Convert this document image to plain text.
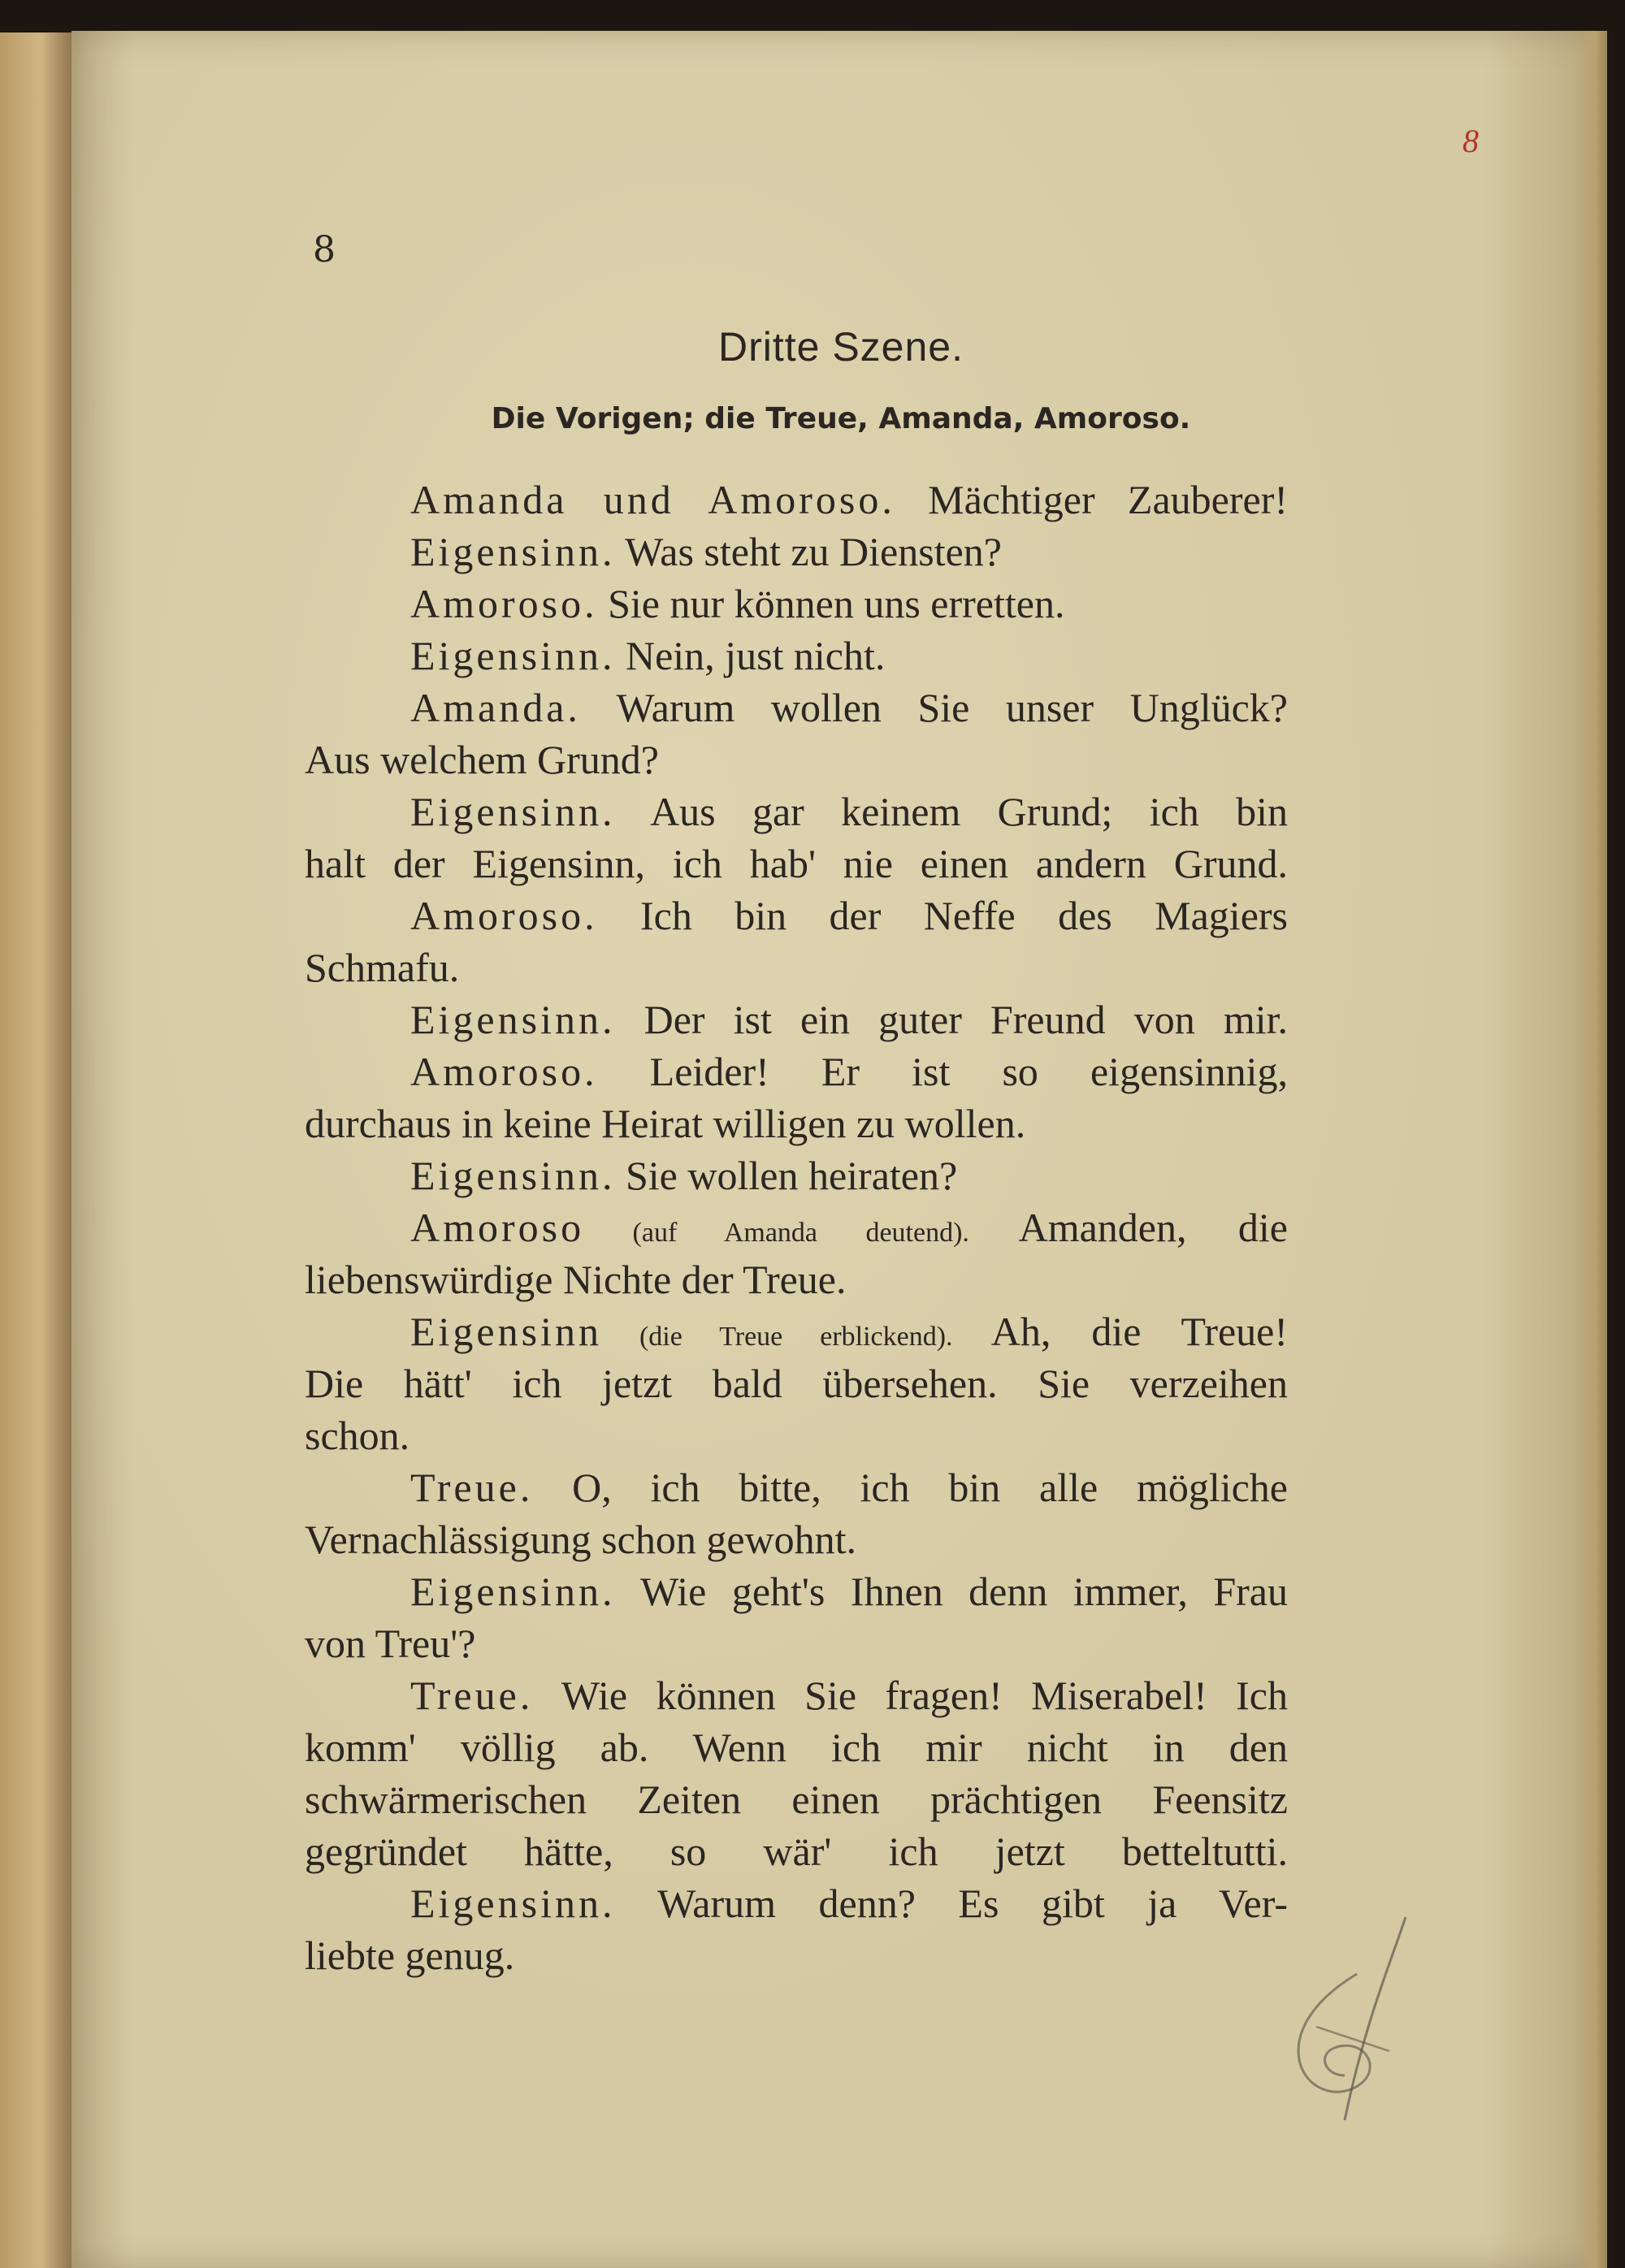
8
8
Dritte Szene.
Die Vorigen; die Treue, Amanda, Amoroso.
Amanda und Amoroso. Mächtiger Zauberer!
Eigensinn. Was steht zu Diensten?
Amoroso. Sie nur können uns erretten.
Eigensinn. Nein, just nicht.
Amanda. Warum wollen Sie unser Unglück?
Aus welchem Grund?
Eigensinn. Aus gar keinem Grund; ich bin
halt der Eigensinn, ich hab' nie einen andern Grund.
Amoroso. Ich bin der Neffe des Magiers
Schmafu.
Eigensinn. Der ist ein guter Freund von mir.
Amoroso. Leider! Er ist so eigensinnig,
durchaus in keine Heirat willigen zu wollen.
Eigensinn. Sie wollen heiraten?
Amoroso (auf Amanda deutend). Amanden, die
liebenswürdige Nichte der Treue.
Eigensinn (die Treue erblickend). Ah, die Treue!
Die hätt' ich jetzt bald übersehen. Sie verzeihen
schon.
Treue. O, ich bitte, ich bin alle mögliche
Vernachlässigung schon gewohnt.
Eigensinn. Wie geht's Ihnen denn immer, Frau
von Treu'?
Treue. Wie können Sie fragen! Miserabel! Ich
komm' völlig ab. Wenn ich mir nicht in den
schwärmerischen Zeiten einen prächtigen Feensitz
gegründet hätte, so wär' ich jetzt betteltutti.
Eigensinn. Warum denn? Es gibt ja Ver-
liebte genug.
